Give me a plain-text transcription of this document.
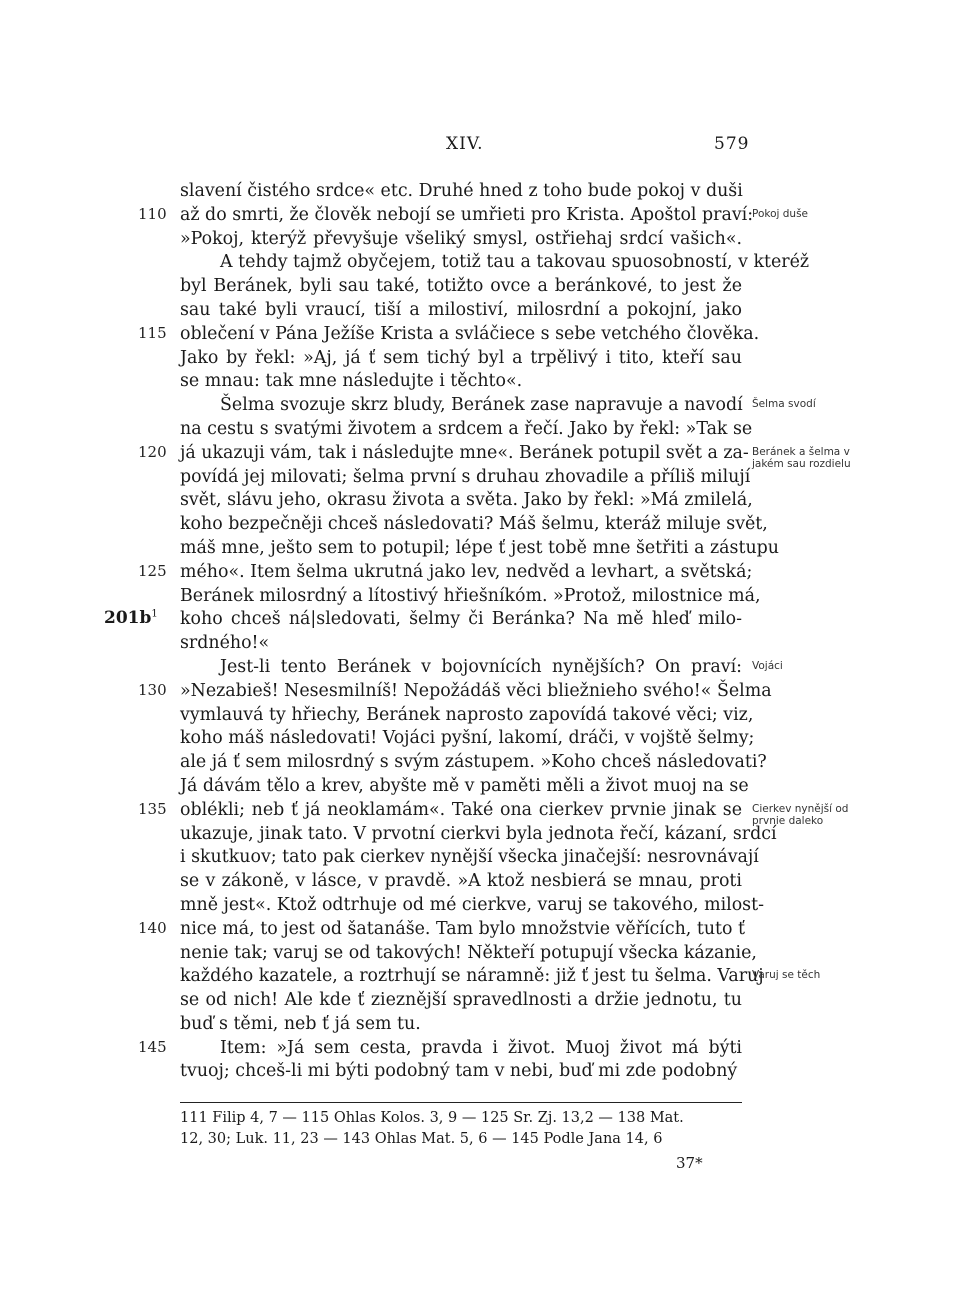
XIV.	579
slavení čistého srdce« etc. Druhé hned z toho bude pokoj v duši
až do smrti, že člověk nebojí se umřieti pro Krista. Apoštol praví:
»Pokoj, kterýž převyšuje všeliký smysl, ostřiehaj srdcí vašich«.
A tehdy tajmž obyčejem, totiž tau a takovau spuosobností, v kteréž
byl Beránek, byli sau také, totižto ovce a beránkové, to jest že
sau také byli vraucí, tiší a milostiví, milosrdní a pokojní, jako
oblečení v Pána Ježíše Krista a svláčiece s sebe vetchého člověka.
Jako by řekl: »Aj, já ť sem tichý byl a trpělivý i tito, kteří sau
se mnau: tak mne následujte i těchto«.
Šelma svozuje skrz bludy, Beránek zase napravuje a navodí
na cestu s svatými životem a srdcem a řečí. Jako by řekl: »Tak se
já ukazuji vám, tak i následujte mne«. Beránek potupil svět a za-
povídá jej milovati; šelma první s druhau zhovadile a příliš milují
svět, slávu jeho, okrasu života a světa. Jako by řekl: »Má zmilelá,
koho bezpečněji chceš následovati? Máš šelmu, kteráž miluje svět,
máš mne, ješto sem to potupil; lépe ť jest tobě mne šetřiti a zástupu
mého«. Item šelma ukrutná jako lev, nedvěd a levhart, a světská;
Beránek milosrdný a lítostivý hřiešníkóm. »Protož, milostnice má,
koho chceš ná|sledovati, šelmy či Beránka? Na mě hleď milo-
srdného!«
Jest-li tento Beránek v bojovnících nynějších? On praví:
»Nezabieš! Nesesmilníš! Nepožádáš věci bliežnieho svého!« Šelma
vymlauvá ty hřiechy, Beránek naprosto zapovídá takové věci; viz,
koho máš následovati! Vojáci pyšní, lakomí, dráči, v vojště šelmy;
ale já ť sem milosrdný s svým zástupem. »Koho chceš následovati?
Já dávám tělo a krev, abyšte mě v paměti měli a život muoj na se
oblékli; neb ť já neoklamám«. Také ona cierkev prvnie jinak se
ukazuje, jinak tato. V prvotní cierkvi byla jednota řečí, kázaní, srdcí
i skutkuov; tato pak cierkev nynější všecka jinačejší: nesrovnávají
se v zákoně, v lásce, v pravdě. »A ktož nesbierá se mnau, proti
mně jest«. Ktož odtrhuje od mé cierkve, varuj se takového, milost-
nice má, to jest od šatanáše. Tam bylo množstvie věřících, tuto ť
nenie tak; varuj se od takových! Někteří potupují všecka kázanie,
každého kazatele, a roztrhují se náramně: již ť jest tu šelma. Varuj
se od nich! Ale kde ť zieznější spravedlnosti a držie jednotu, tu
buď s těmi, neb ť já sem tu.
Item: »Já sem cesta, pravda i život. Muoj život má býti
tvuoj; chceš-li mi býti podobný tam v nebi, buď mi zde podobný
110
115
120
125
130
135
140
145
Pokoj duše
Šelma svodí
Beránek a šelma v jakém sau rozdielu
Vojáci
Cierkev nynější od prvnie daleko
Varuj se těch
$201b^1$
111 Filip 4, 7 — 115 Ohlas Kolos. 3, 9 — 125 Sr. Zj. 13,2 — 138 Mat.
12, 30; Luk. 11, 23 — 143 Ohlas Mat. 5, 6 — 145 Podle Jana 14, 6
37*
